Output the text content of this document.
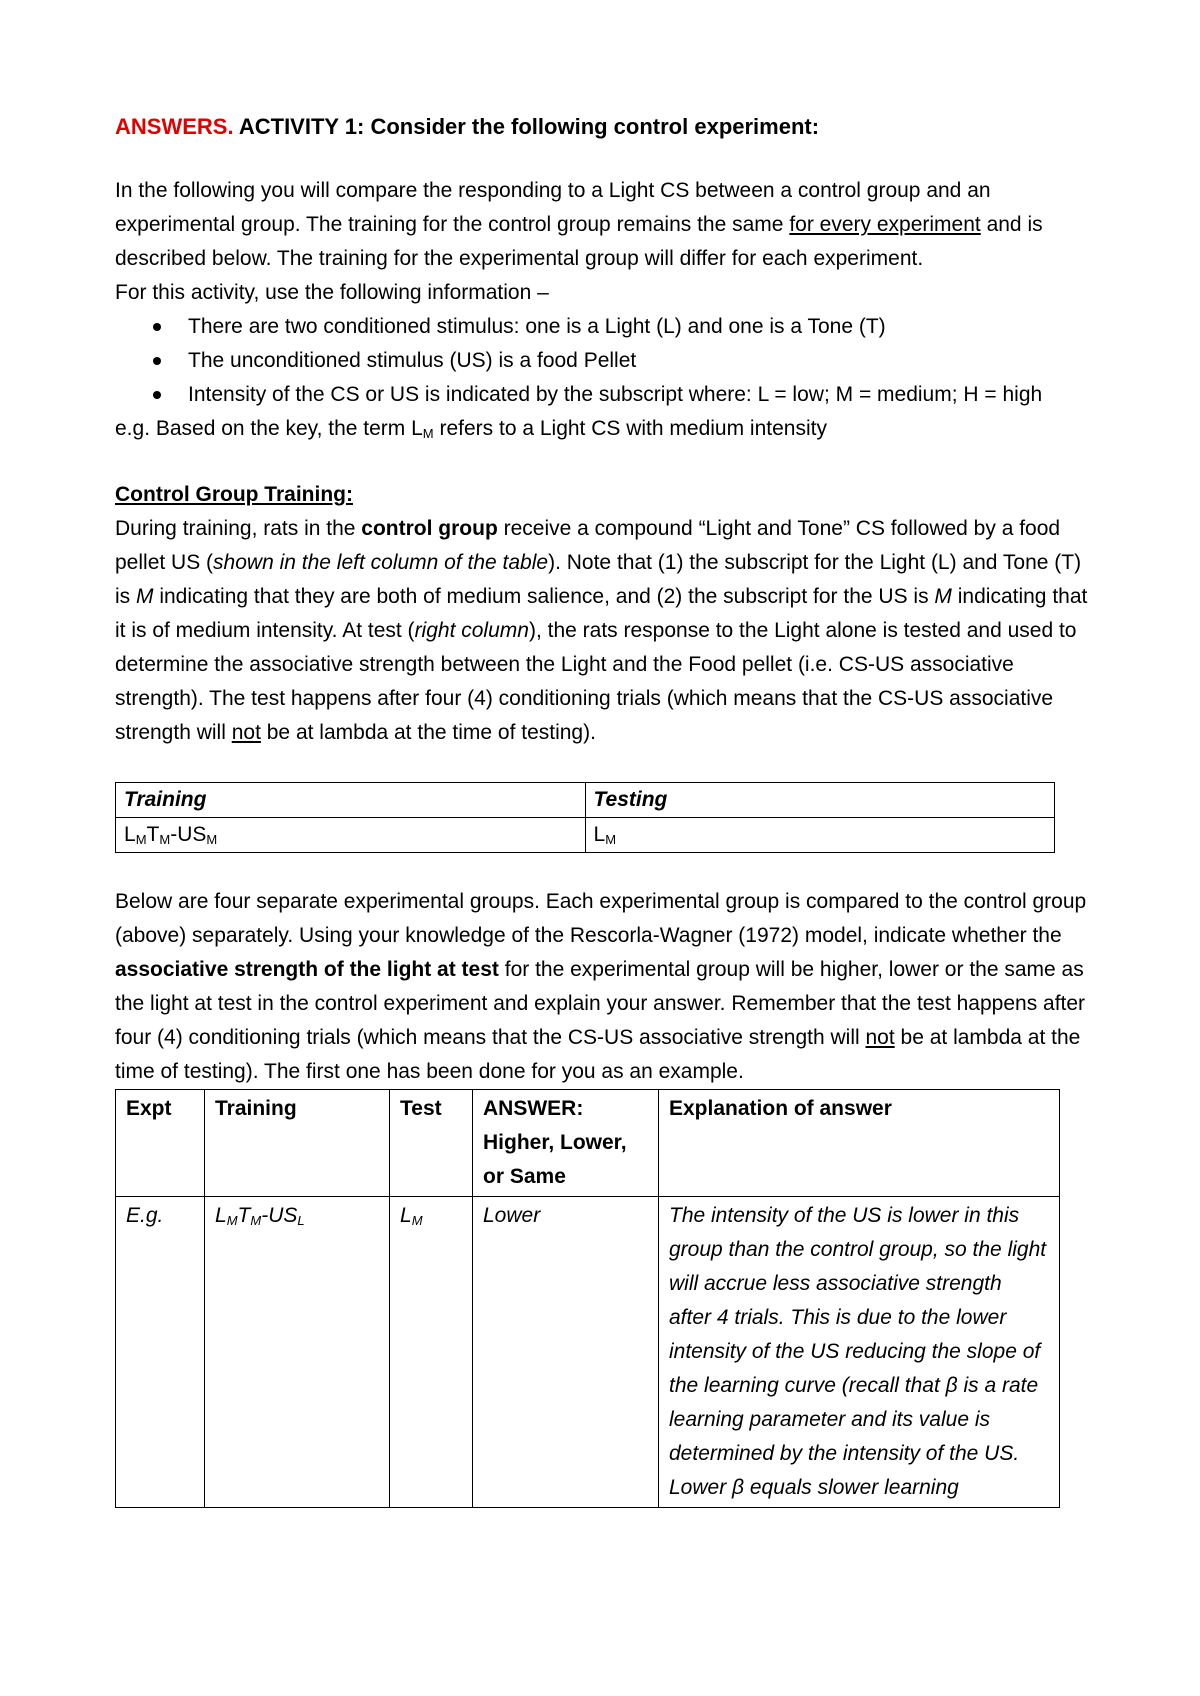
ANSWERS. ACTIVITY 1: Consider the following control experiment:

In the following you will compare the responding to a Light CS between a control group and an experimental group. The training for the control group remains the same for every experiment and is described below. The training for the experimental group will differ for each experiment.

For this activity, use the following information –

There are two conditioned stimulus: one is a Light (L) and one is a Tone (T)
The unconditioned stimulus (US) is a food Pellet
Intensity of the CS or US is indicated by the subscript where: L = low; M = medium; H = high

e.g. Based on the key, the term $L_M$ refers to a Light CS with medium intensity

Control Group Training:

During training, rats in the control group receive a compound “Light and Tone” CS followed by a food pellet US (shown in the left column of the table). Note that (1) the subscript for the Light (L) and Tone (T) is M indicating that they are both of medium salience, and (2) the subscript for the US is M indicating that it is of medium intensity. At test (right column), the rats response to the Light alone is tested and used to determine the associative strength between the Light and the Food pellet (i.e. CS-US associative strength). The test happens after four (4) conditioning trials (which means that the CS-US associative strength will not be at lambda at the time of testing).

Training	Testing
$L_MT_M-US_M$	$L_M$

Below are four separate experimental groups. Each experimental group is compared to the control group (above) separately. Using your knowledge of the Rescorla-Wagner (1972) model, indicate whether the associative strength of the light at test for the experimental group will be higher, lower or the same as the light at test in the control experiment and explain your answer. Remember that the test happens after four (4) conditioning trials (which means that the CS-US associative strength will not be at lambda at the time of testing). The first one has been done for you as an example.

Expt	Training	Test	ANSWER: Higher, Lower, or Same	Explanation of answer
E.g.	$L_MT_M-US_L$	$L_M$	Lower	The intensity of the US is lower in this group than the control group, so the light will accrue less associative strength after 4 trials. This is due to the lower intensity of the US reducing the slope of the learning curve (recall that β is a rate learning parameter and its value is determined by the intensity of the US. Lower β equals slower learning
